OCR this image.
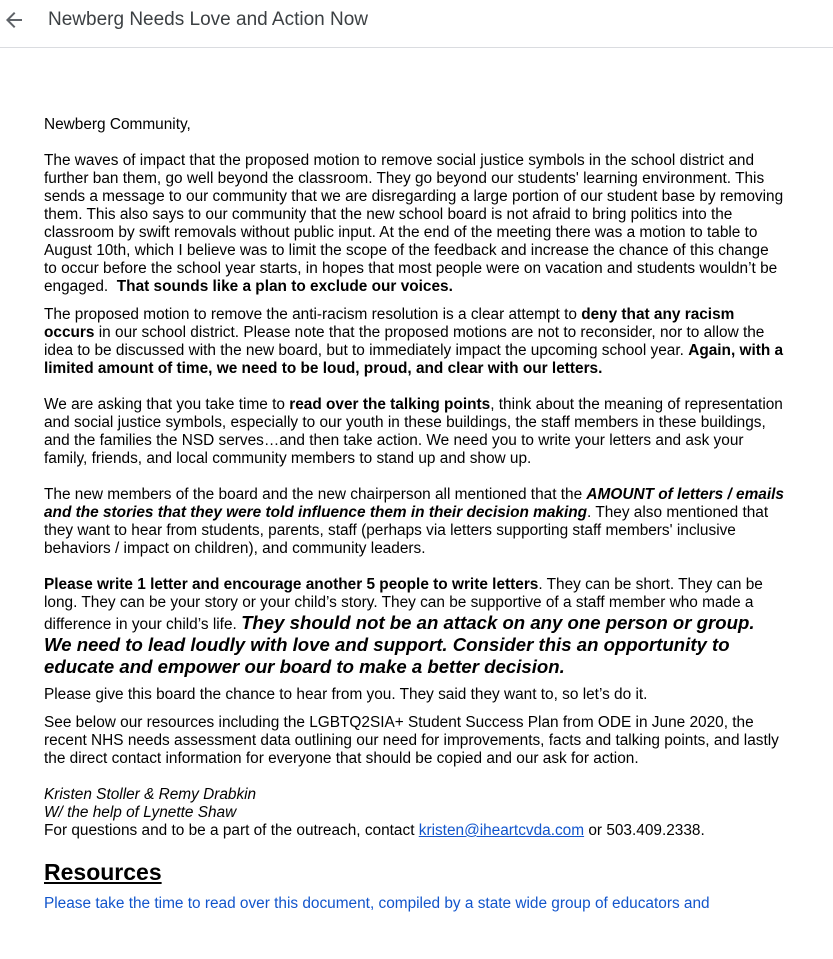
Newberg Needs Love and Action Now

Newberg Community,

The waves of impact that the proposed motion to remove social justice symbols in the school district and further ban them, go well beyond the classroom. They go beyond our students' learning environment. This sends a message to our community that we are disregarding a large portion of our student base by removing them. This also says to our community that the new school board is not afraid to bring politics into the classroom by swift removals without public input. At the end of the meeting there was a motion to table to August 10th, which I believe was to limit the scope of the feedback and increase the chance of this change to occur before the school year starts, in hopes that most people were on vacation and students wouldn’t be engaged. That sounds like a plan to exclude our voices.

The proposed motion to remove the anti-racism resolution is a clear attempt to deny that any racism occurs in our school district. Please note that the proposed motions are not to reconsider, nor to allow the idea to be discussed with the new board, but to immediately impact the upcoming school year. Again, with a limited amount of time, we need to be loud, proud, and clear with our letters.

We are asking that you take time to read over the talking points, think about the meaning of representation and social justice symbols, especially to our youth in these buildings, the staff members in these buildings, and the families the NSD serves…and then take action. We need you to write your letters and ask your family, friends, and local community members to stand up and show up.

The new members of the board and the new chairperson all mentioned that the AMOUNT of letters / emails and the stories that they were told influence them in their decision making. They also mentioned that they want to hear from students, parents, staff (perhaps via letters supporting staff members' inclusive behaviors / impact on children), and community leaders.

Please write 1 letter and encourage another 5 people to write letters. They can be short. They can be long. They can be your story or your child’s story. They can be supportive of a staff member who made a difference in your child’s life. They should not be an attack on any one person or group. We need to lead loudly with love and support. Consider this an opportunity to educate and empower our board to make a better decision.

Please give this board the chance to hear from you. They said they want to, so let’s do it.

See below our resources including the LGBTQ2SIA+ Student Success Plan from ODE in June 2020, the recent NHS needs assessment data outlining our need for improvements, facts and talking points, and lastly the direct contact information for everyone that should be copied and our ask for action.

Kristen Stoller & Remy Drabkin
W/ the help of Lynette Shaw
For questions and to be a part of the outreach, contact kristen@iheartcvda.com or 503.409.2338.
Resources

Please take the time to read over this document, compiled by a state wide group of educators and
